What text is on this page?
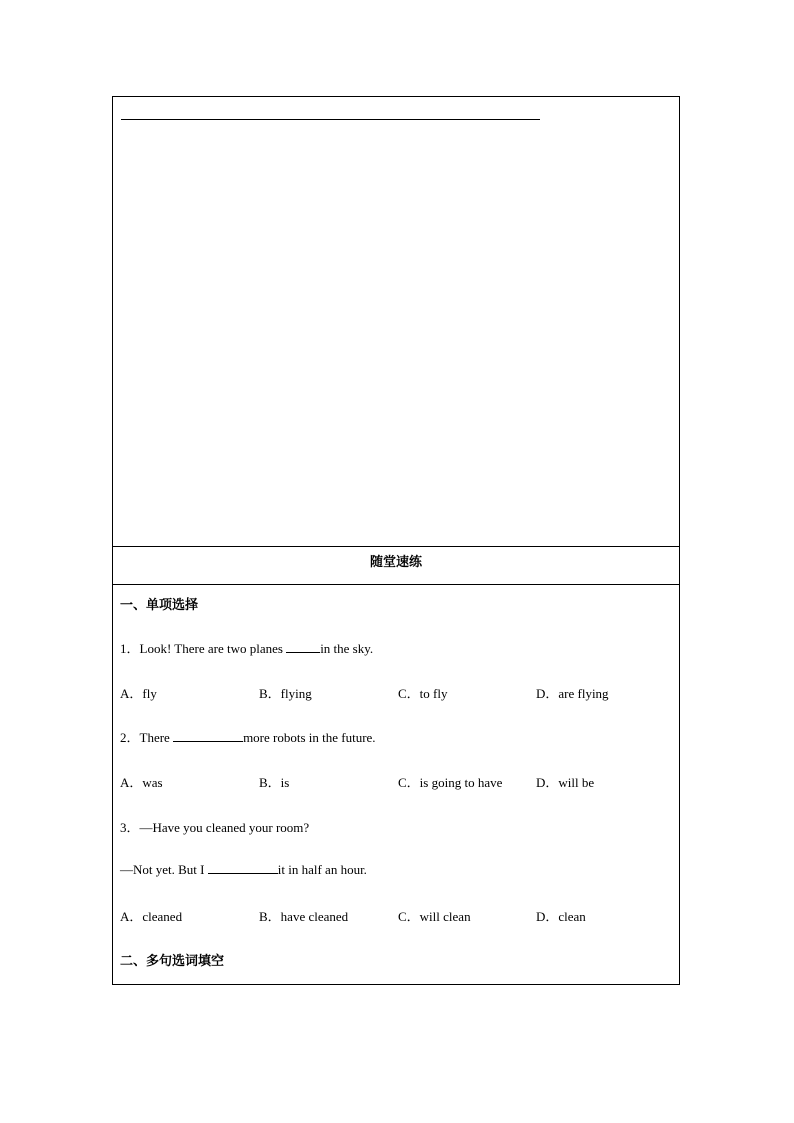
随堂速练
一、单项选择
1．Look! There are two planes	in the sky.
A．fly	B．flying	C．to fly	D．are flying
2．There	more robots in the future.
A．was	B．is	C．is going to have	D．will be
3．—Have you cleaned your room?
—Not yet. But I	it in half an hour.
A．cleaned	B．have cleaned	C．will clean	D．clean
二、多句选词填空
